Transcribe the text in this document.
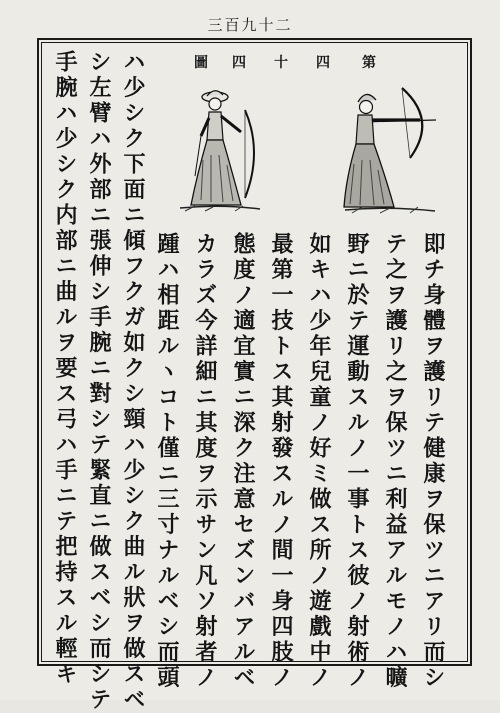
三百九十二
第
四
十
四
圖
即チ身體ヲ護リテ健康ヲ保ツニアリ而シ
テ之ヲ護リ之ヲ保ツニ利益アルモノハ曠
野ニ於テ運動スルノ一事トス彼ノ射術ノ
如キハ少年兒童ノ好ミ做ス所ノ遊戲中ノ
最第一技トス其射發スルノ間一身四肢ノ
態度ノ適宜實ニ深ク注意セズンバアルベ
カラズ今詳細ニ其度ヲ示サン凡ソ射者ノ
踵ハ相距ルヽコト僅ニ三寸ナルベシ而頭
ハ少シク下面ニ傾フクガ如クシ頸ハ少シク曲ル狀ヲ做スベ
シ左臂ハ外部ニ張伸シ手腕ニ對シテ緊直ニ做スベシ而シテ
手腕ハ少シク内部ニ曲ルヲ要ス弓ハ手ニテ把持スル輕キ
